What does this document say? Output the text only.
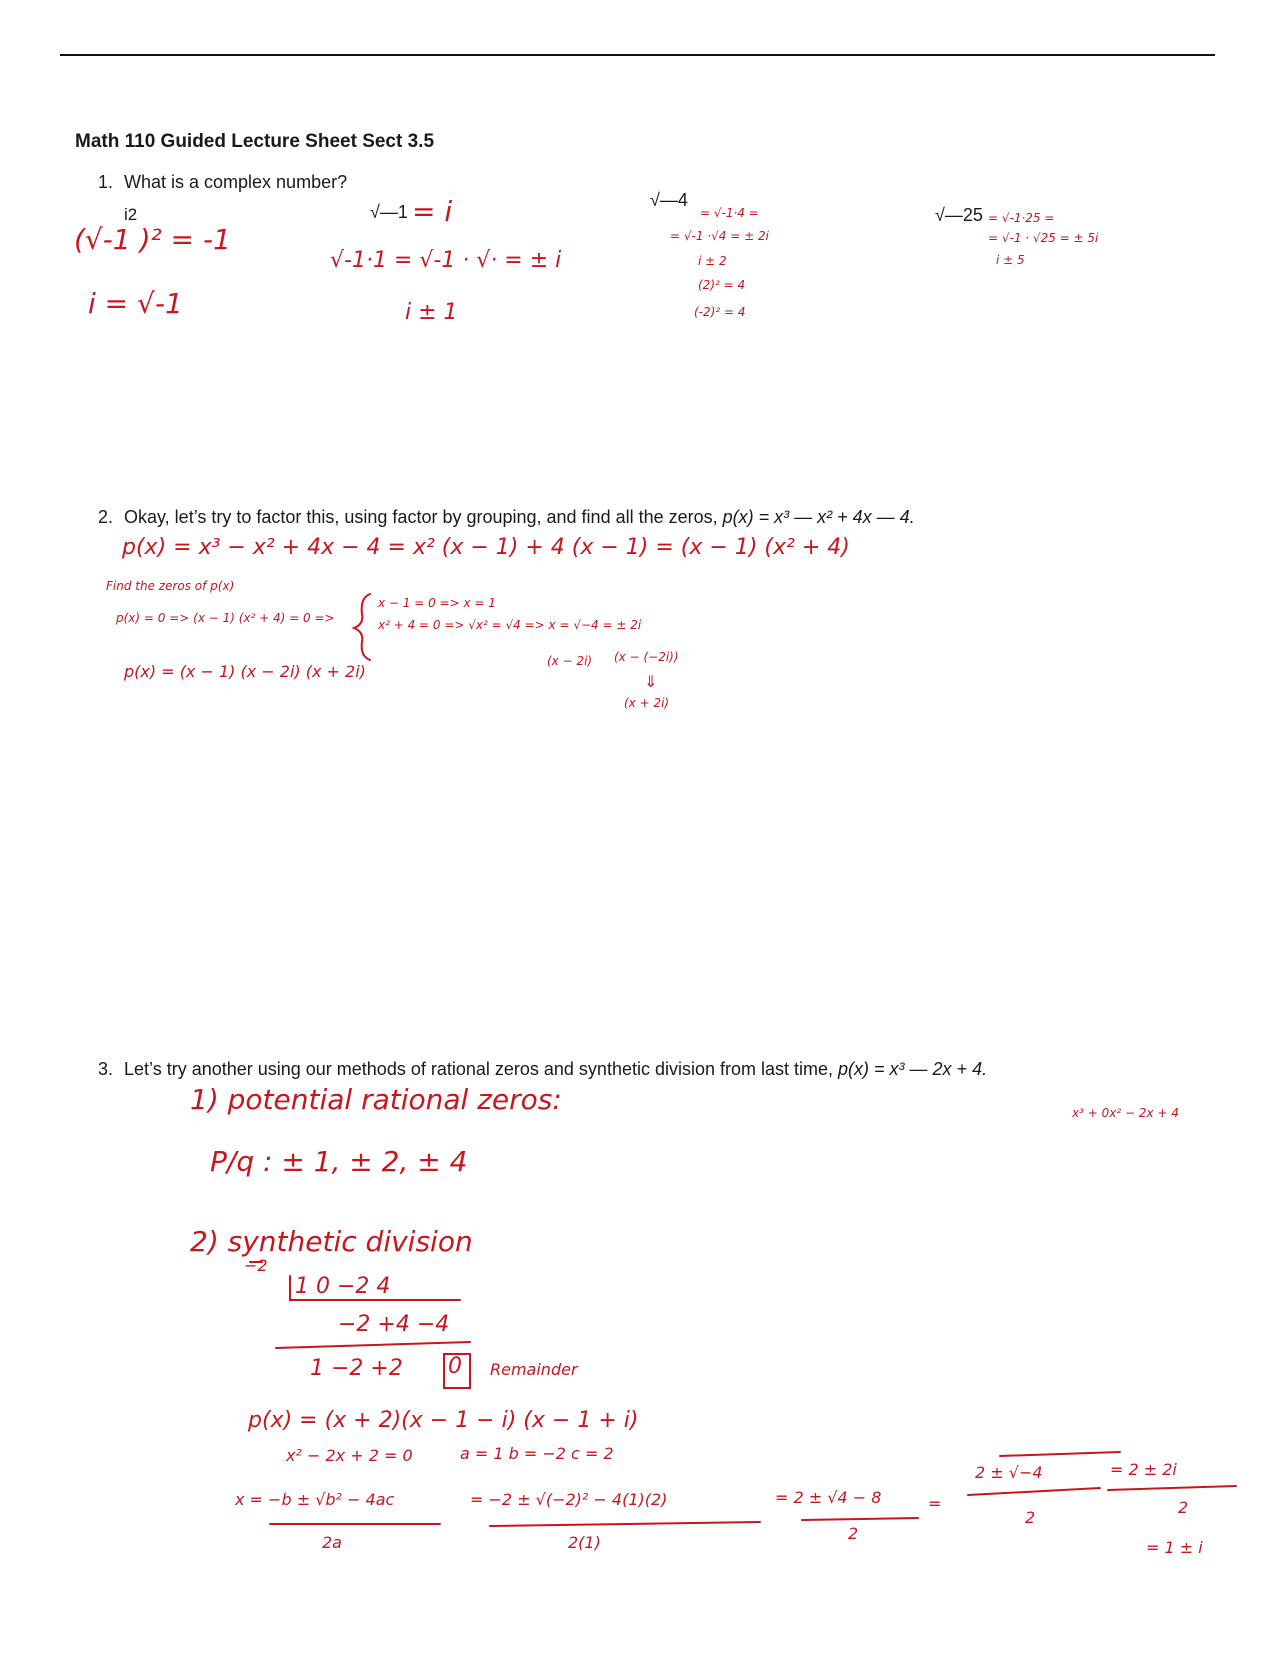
Math 110 Guided Lecture Sheet Sect 3.5
1. What is a complex number?
i2	√—1
√—4
√—25
(√-1 )² = -1
i = √-1
= i
√-1·1 = √-1 · √· = ± i
i ± 1
= √-1·4 =
= √-1 ·√4 = ± 2i
i ± 2
(2)² = 4
(-2)² = 4
= √-1·25 =
= √-1 · √25 = ± 5i
i ± 5
2. Okay, let’s try to factor this, using factor by grouping, and find all the zeros, p(x) = x³ — x² + 4x — 4.
p(x) = x³ − x² + 4x − 4 = x² (x − 1) + 4 (x − 1) = (x − 1) (x² + 4)
Find the zeros of p(x)
p(x) = 0 => (x − 1) (x² + 4) = 0 =>
x − 1 = 0 => x = 1
x² + 4 = 0 => √x² = √4 => x = √−4 = ± 2i
(x − 2i) (x − (−2i))
⇓
(x + 2i)
p(x) = (x − 1) (x − 2i) (x + 2i)
3. Let’s try another using our methods of rational zeros and synthetic division from last time, p(x) = x³ — 2x + 4.
1) potential rational zeros:	x³ + 0x² − 2x + 4
P/q : ± 1, ± 2, ± 4
2) synthetic division
−2
1 0 −2 4
−2 +4 −4
1 −2 +2 0 Remainder
p(x) = (x + 2)(x − 1 − i) (x − 1 + i)
x² − 2x + 2 = 0	a = 1 b = −2 c = 2
x = −b ± √b² − 4ac
2a
= −2 ± √(−2)² − 4(1)(2)
2(1)
= 2 ± √4 − 8
2
=
2 ± √−4
2
= 2 ± 2i
2
= 1 ± i
